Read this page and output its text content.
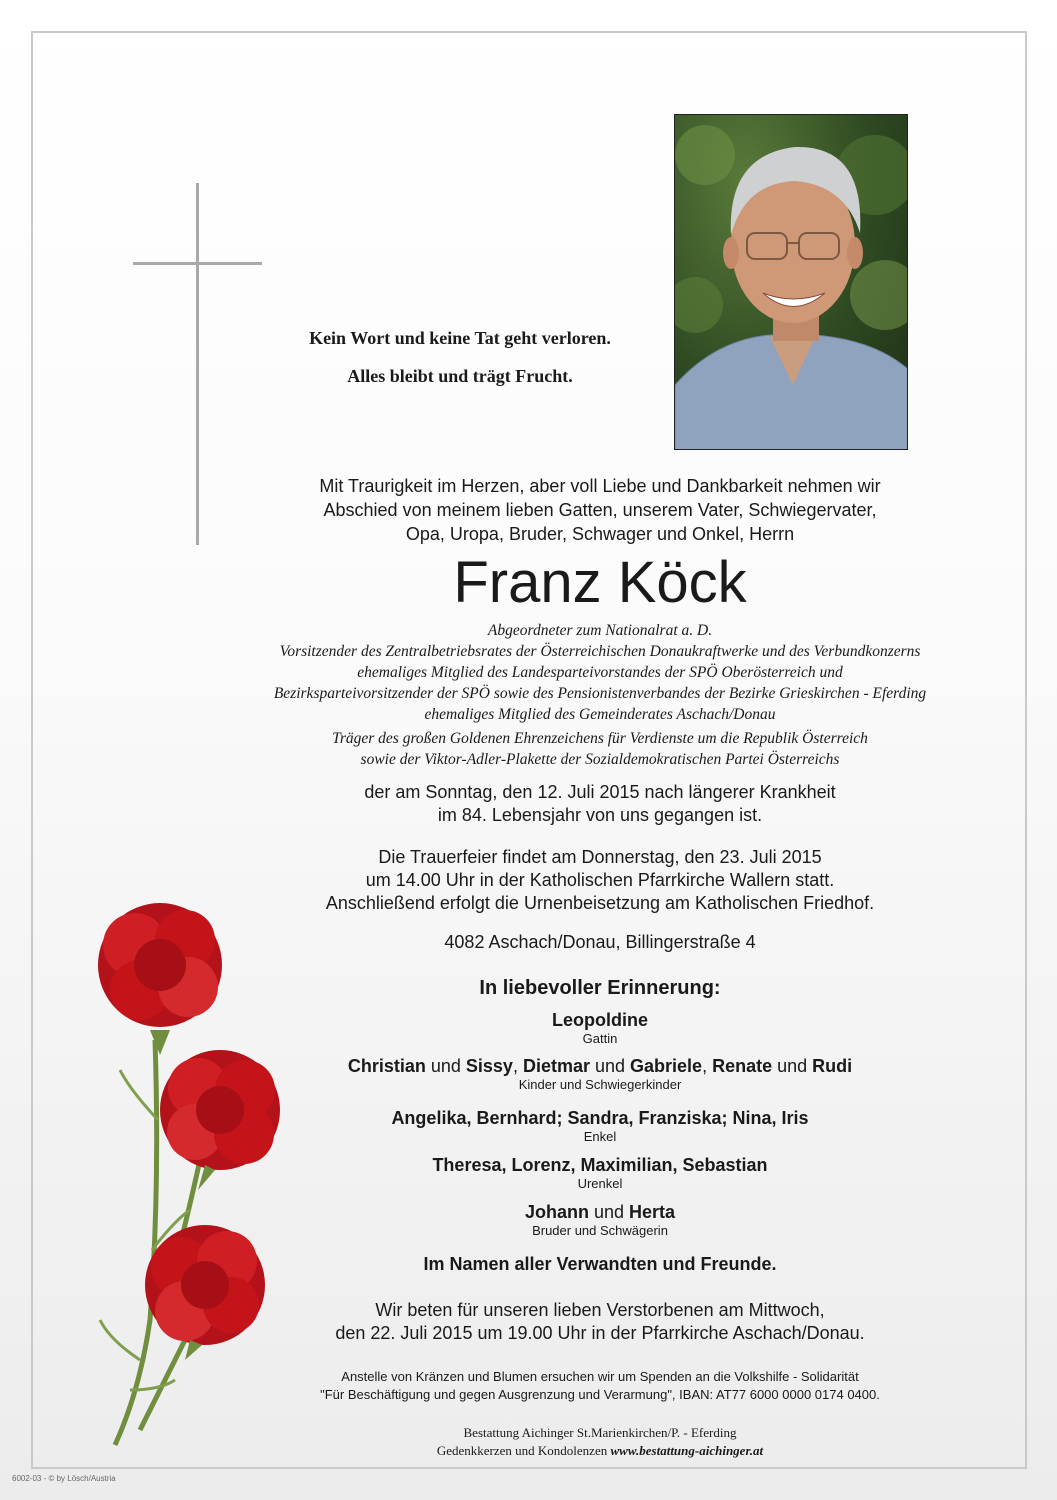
Kein Wort und keine Tat geht verloren.
Alles bleibt und trägt Frucht.
Mit Traurigkeit im Herzen, aber voll Liebe und Dankbarkeit nehmen wir
Abschied von meinem lieben Gatten, unserem Vater, Schwiegervater,
Opa, Uropa, Bruder, Schwager und Onkel, Herrn
Franz Köck

Abgeordneter zum Nationalrat a. D.

Vorsitzender des Zentralbetriebsrates der Österreichischen Donaukraftwerke und des Verbundkonzerns

ehemaliges Mitglied des Landesparteivorstandes der SPÖ Oberösterreich und

Bezirksparteivorsitzender der SPÖ sowie des Pensionistenverbandes der Bezirke Grieskirchen - Eferding

ehemaliges Mitglied des Gemeinderates Aschach/Donau

Träger des großen Goldenen Ehrenzeichens für Verdienste um die Republik Österreich

sowie der Viktor-Adler-Plakette der Sozialdemokratischen Partei Österreichs

der am Sonntag, den 12. Juli 2015 nach längerer Krankheit
im 84. Lebensjahr von uns gegangen ist.
Die Trauerfeier findet am Donnerstag, den 23. Juli 2015
um 14.00 Uhr in der Katholischen Pfarrkirche Wallern statt.
Anschließend erfolgt die Urnenbeisetzung am Katholischen Friedhof.
4082 Aschach/Donau, Billingerstraße 4
In liebevoller Erinnerung:
Leopoldine
Gattin
Christian und Sissy, Dietmar und Gabriele, Renate und Rudi
Kinder und Schwiegerkinder
Angelika, Bernhard; Sandra, Franziska; Nina, Iris
Enkel
Theresa, Lorenz, Maximilian, Sebastian
Urenkel
Johann und Herta
Bruder und Schwägerin
Im Namen aller Verwandten und Freunde.
Wir beten für unseren lieben Verstorbenen am Mittwoch,
den 22. Juli 2015 um 19.00 Uhr in der Pfarrkirche Aschach/Donau.
Anstelle von Kränzen und Blumen ersuchen wir um Spenden an die Volkshilfe - Solidarität
"Für Beschäftigung und gegen Ausgrenzung und Verarmung", IBAN: AT77 6000 0000 0174 0400.
Bestattung Aichinger St.Marienkirchen/P. - Eferding
Gedenkkerzen und Kondolenzen www.bestattung-aichinger.at
6002-03 - © by Lösch/Austria
